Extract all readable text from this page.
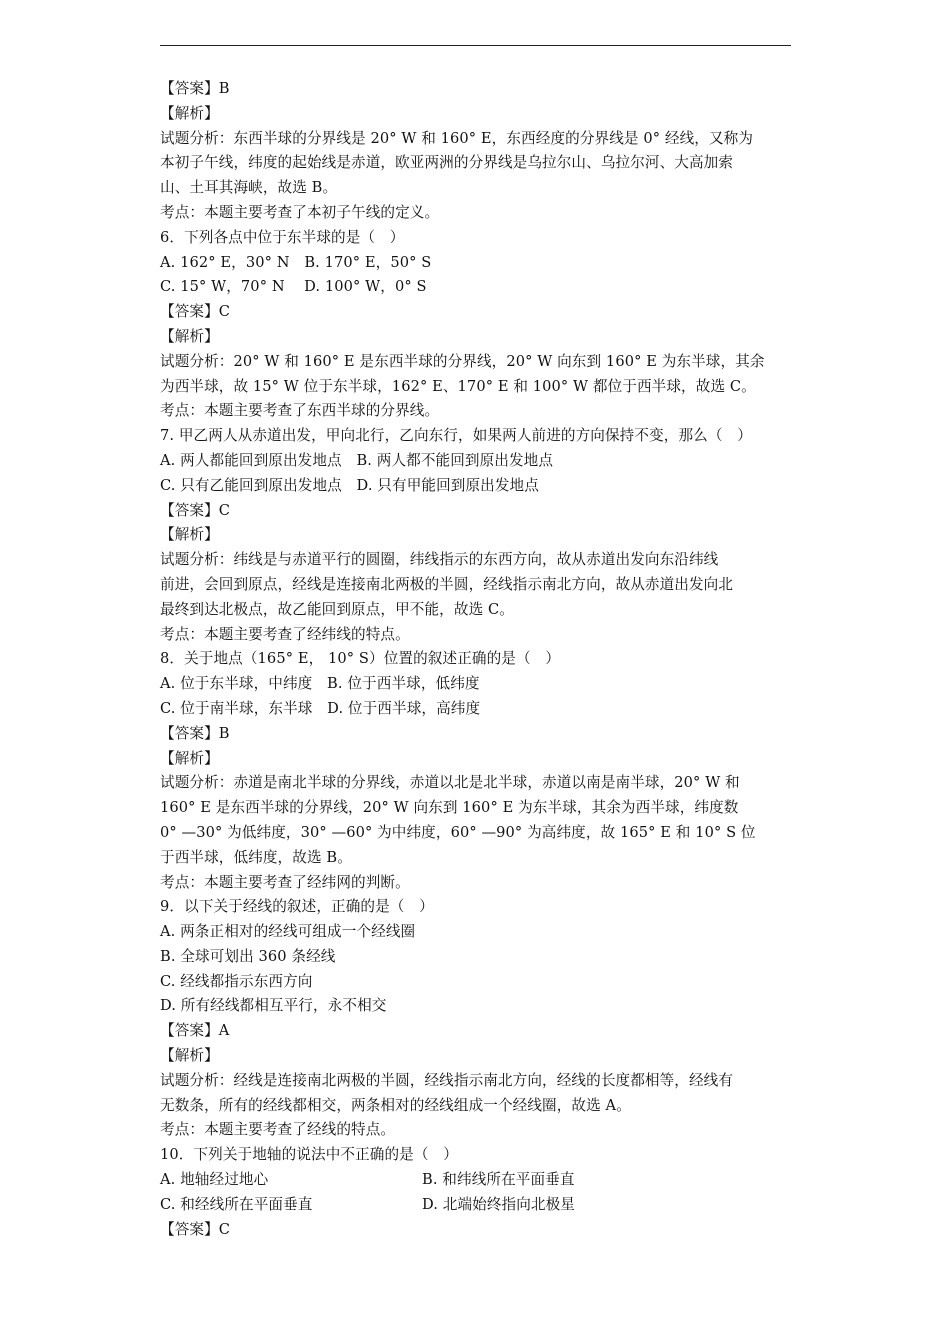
【答案】B
【解析】
试题分析：东西半球的分界线是 20° W 和 160° E，东西经度的分界线是 0° 经线，又称为
本初子午线，纬度的起始线是赤道，欧亚两洲的分界线是乌拉尔山、乌拉尔河、大高加索
山、土耳其海峡，故选 B。
考点：本题主要考查了本初子午线的定义。
6．下列各点中位于东半球的是（　）
A. 162° E，30° N　B. 170° E，50° S
C. 15° W，70° N　 D. 100° W，0° S
【答案】C
【解析】
试题分析：20° W 和 160° E 是东西半球的分界线，20° W 向东到 160° E 为东半球，其余
为西半球，故 15° W 位于东半球，162° E、170° E 和 100° W 都位于西半球，故选 C。
考点：本题主要考查了东西半球的分界线。
7. 甲乙两人从赤道出发，甲向北行，乙向东行，如果两人前进的方向保持不变，那么（　）
A. 两人都能回到原出发地点　B. 两人都不能回到原出发地点
C. 只有乙能回到原出发地点　D. 只有甲能回到原出发地点
【答案】C
【解析】
试题分析：纬线是与赤道平行的圆圈，纬线指示的东西方向，故从赤道出发向东沿纬线
前进，会回到原点，经线是连接南北两极的半圆，经线指示南北方向，故从赤道出发向北
最终到达北极点，故乙能回到原点，甲不能，故选 C。
考点：本题主要考查了经纬线的特点。
8．关于地点（165° E， 10° S）位置的叙述正确的是（　）
A. 位于东半球，中纬度　B. 位于西半球，低纬度
C. 位于南半球，东半球　D. 位于西半球，高纬度
【答案】B
【解析】
试题分析：赤道是南北半球的分界线，赤道以北是北半球，赤道以南是南半球，20° W 和
160° E 是东西半球的分界线，20° W 向东到 160° E 为东半球，其余为西半球，纬度数
0° —30° 为低纬度，30° —60° 为中纬度，60° —90° 为高纬度，故 165° E 和 10° S 位
于西半球，低纬度，故选 B。
考点：本题主要考查了经纬网的判断。
9．以下关于经线的叙述，正确的是（　）
A. 两条正相对的经线可组成一个经线圈
B. 全球可划出 360 条经线
C. 经线都指示东西方向
D. 所有经线都相互平行，永不相交
【答案】A
【解析】
试题分析：经线是连接南北两极的半圆，经线指示南北方向，经线的长度都相等，经线有
无数条，所有的经线都相交，两条相对的经线组成一个经线圈，故选 A。
考点：本题主要考查了经线的特点。
10．下列关于地轴的说法中不正确的是（　）
A. 地轴经过地心	B. 和纬线所在平面垂直
C. 和经线所在平面垂直	D. 北端始终指向北极星
【答案】C
